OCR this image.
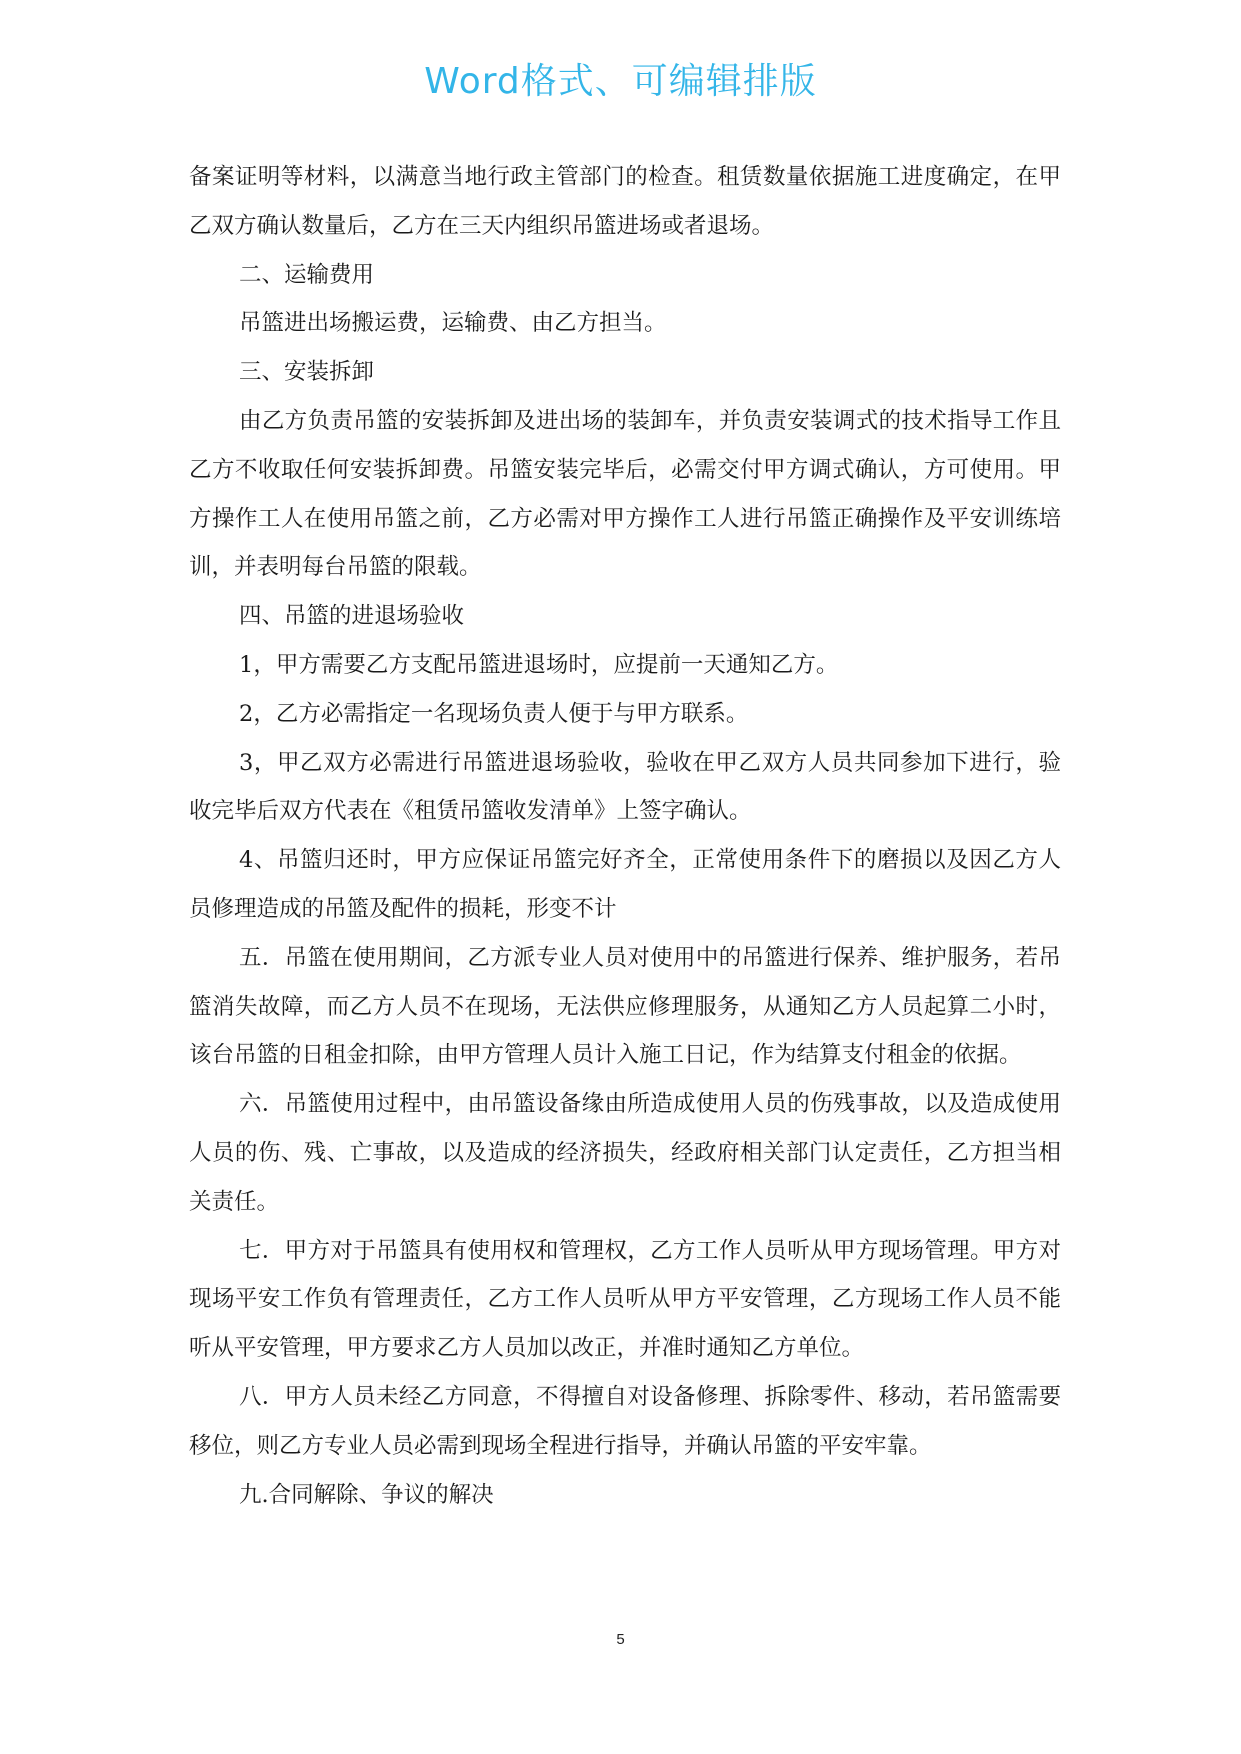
Word格式、可编辑排版

备案证明等材料，以满意当地行政主管部门的检查。租赁数量依据施工进度确定，在甲乙双方确认数量后，乙方在三天内组织吊篮进场或者退场。

二、运输费用

吊篮进出场搬运费，运输费、由乙方担当。

三、安装拆卸

由乙方负责吊篮的安装拆卸及进出场的装卸车，并负责安装调式的技术指导工作且乙方不收取任何安装拆卸费。吊篮安装完毕后，必需交付甲方调式确认，方可使用。甲方操作工人在使用吊篮之前，乙方必需对甲方操作工人进行吊篮正确操作及平安训练培训，并表明每台吊篮的限载。

四、吊篮的进退场验收

1，甲方需要乙方支配吊篮进退场时，应提前一天通知乙方。

2，乙方必需指定一名现场负责人便于与甲方联系。

3，甲乙双方必需进行吊篮进退场验收，验收在甲乙双方人员共同参加下进行，验收完毕后双方代表在《租赁吊篮收发清单》上签字确认。

4、吊篮归还时，甲方应保证吊篮完好齐全，正常使用条件下的磨损以及因乙方人员修理造成的吊篮及配件的损耗，形变不计

五．吊篮在使用期间，乙方派专业人员对使用中的吊篮进行保养、维护服务，若吊篮消失故障，而乙方人员不在现场，无法供应修理服务，从通知乙方人员起算二小时，该台吊篮的日租金扣除，由甲方管理人员计入施工日记，作为结算支付租金的依据。

六．吊篮使用过程中，由吊篮设备缘由所造成使用人员的伤残事故，以及造成使用人员的伤、残、亡事故，以及造成的经济损失，经政府相关部门认定责任，乙方担当相关责任。

七．甲方对于吊篮具有使用权和管理权，乙方工作人员听从甲方现场管理。甲方对现场平安工作负有管理责任，乙方工作人员听从甲方平安管理，乙方现场工作人员不能听从平安管理，甲方要求乙方人员加以改正，并准时通知乙方单位。

八．甲方人员未经乙方同意，不得擅自对设备修理、拆除零件、移动，若吊篮需要移位，则乙方专业人员必需到现场全程进行指导，并确认吊篮的平安牢靠。

九.合同解除、争议的解决

5
